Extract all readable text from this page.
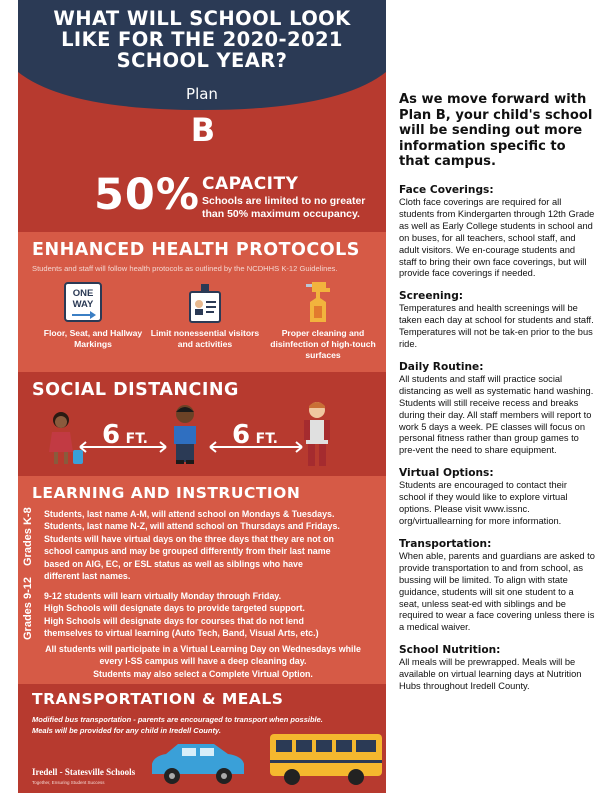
WHAT WILL SCHOOL LOOK LIKE FOR THE 2020-2021 SCHOOL YEAR?
Plan
B
50% CAPACITY
Schools are limited to no greater than 50% maximum occupancy.
ENHANCED HEALTH PROTOCOLS
Students and staff will follow health protocols as outlined by the NCDHHS K-12 Guidelines.
ONE
WAY
Floor, Seat, and Hallway Markings
Limit nonessential visitors and activities
Proper cleaning and disinfection of high-touch surfaces
SOCIAL DISTANCING
6 FT.	6 FT.
LEARNING AND INSTRUCTION
Grades K-8
Grades 9-12
Students, last name A-M, will attend school on Mondays & Tuesdays.
Students, last name N-Z, will attend school on Thursdays and Fridays.
Students will have virtual days on the three days that they are not on
school campus and may be grouped differently from their last name
based on AIG, EC, or ESL status as well as siblings who have
different last names.
9-12 students will learn virtually Monday through Friday.
High Schools will designate days to provide targeted support.
High Schools will designate days for courses that do not lend
themselves to virtual learning (Auto Tech, Band, Visual Arts, etc.)
All students will participate in a Virtual Learning Day on Wednesdays while
every I-SS campus will have a deep cleaning day.
Students may also select a Complete Virtual Option.
TRANSPORTATION & MEALS
Modified bus transportation - parents are encouraged to transport when possible.
Meals will be provided for any child in Iredell County.
Iredell - Statesville Schools
Together, Ensuring Student Success
As we move forward with Plan B, your child's school will be sending out more information specific to that campus.
Face Coverings:
Cloth face coverings are required for all students from Kindergarten through 12th Grade as well as Early College students in school and on buses, for all teachers, school staff, and adult visitors. We en-courage students and staff to bring their own face coverings, but will provide face coverings if needed.
Screening:
Temperatures and health screenings will be taken each day at school for students and staff. Temperatures will not be tak-en prior to the bus ride.
Daily Routine:
All students and staff will practice social distancing as well as systematic hand washing. Students will still receive recess and breaks during their day. All staff members will report to work 5 days a week. PE classes will focus on personal fitness rather than group games to pre-vent the need to share equipment.
Virtual Options:
Students are encouraged to contact their school if they would like to explore virtual options. Please visit www.issnc. org/virtuallearning for more information.
Transportation:
When able, parents and guardians are asked to provide transportation to and from school, as bussing will be limited. To align with state guidance, students will sit one student to a seat, unless seat-ed with siblings and be required to wear a face covering unless there is a medical waiver.
School Nutrition:
All meals will be prewrapped. Meals will be available on virtual learning days at Nutrition Hubs throughout Iredell County.
